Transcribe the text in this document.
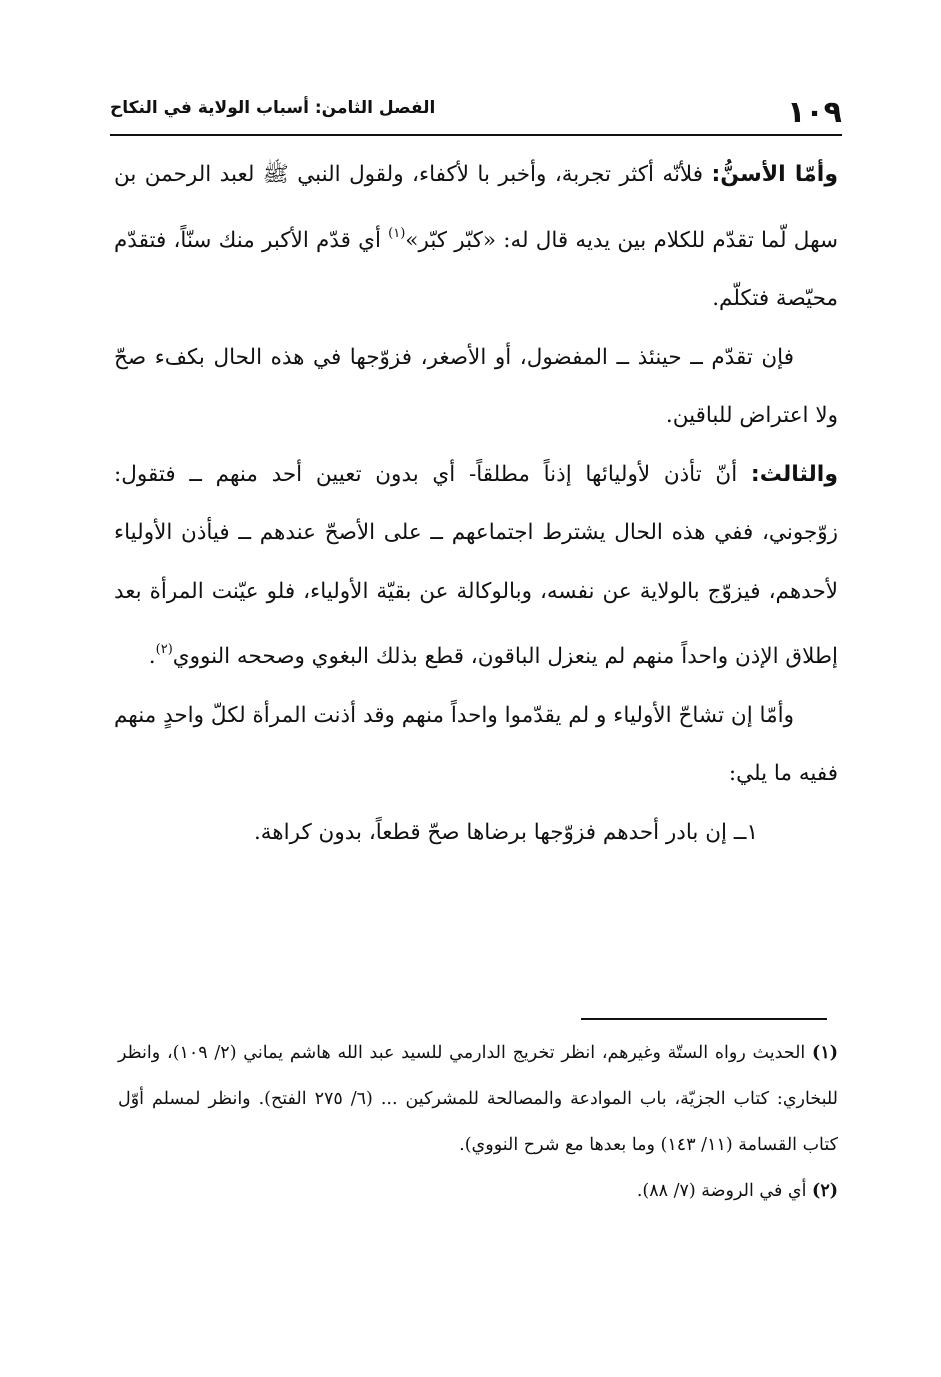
١٠٩
الفصل الثامن: أسباب الولاية في النكاح

وأمّا الأسنُّ: فلأنّه أكثر تجربة، وأخبر با لأكفاء، ولقول النبي ﷺ لعبد الرحمن بن سهل لّما تقدّم للكلام بين يديه قال له: «كبّر كبّر»$^{(١)}$ أي قدّم الأكبر منك سنّاً، فتقدّم محيّصة فتكلّم.

فإن تقدّم ــ حينئذ ــ المفضول، أو الأصغر، فزوّجها في هذه الحال بكفء صحّ ولا اعتراض للباقين.

والثالث: أنّ تأذن لأوليائها إذناً مطلقاً- أي بدون تعيين أحد منهم ــ فتقول: زوّجوني، ففي هذه الحال يشترط اجتماعهم ــ على الأصحّ عندهم ــ فيأذن الأولياء لأحدهم، فيزوّج بالولاية عن نفسه، وبالوكالة عن بقيّة الأولياء، فلو عيّنت المرأة بعد إطلاق الإذن واحداً منهم لم ينعزل الباقون، قطع بذلك البغوي وصححه النووي$^{(٢)}$.

وأمّا إن تشاحّ الأولياء و لم يقدّموا واحداً منهم وقد أذنت المرأة لكلّ واحدٍ منهم ففيه ما يلي:

١ــ إن بادر أحدهم فزوّجها برضاها صحّ قطعاً، بدون كراهة.

(١) الحديث رواه الستّة وغيرهم، انظر تخريج الدارمي للسيد عبد الله هاشم يماني (٢/ ١٠٩)، وانظر للبخاري: كتاب الجزيّة، باب الموادعة والمصالحة للمشركين ... (٦/ ٢٧٥ الفتح). وانظر لمسلم أوّل كتاب القسامة (١١/ ١٤٣) وما بعدها مع شرح النووي).

(٢) أي في الروضة (٧/ ٨٨).
